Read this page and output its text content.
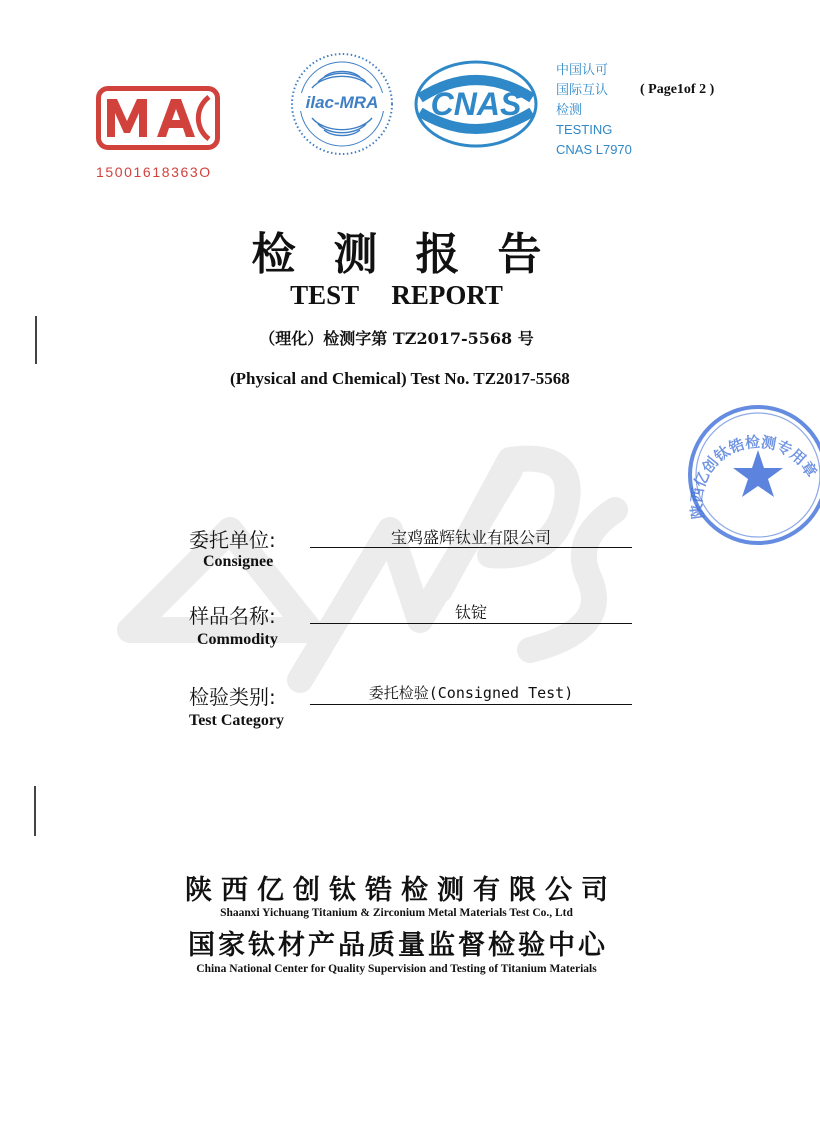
15001618363O
ilac-MRA CNAS
中国认可
国际互认
检测
TESTING
CNAS L7970
( Page1of 2 )
陕西亿创钛锆检测专用章
检测报告
TEST REPORT
（理化）检测字第 TZ2017-5568 号
(Physical and Chemical) Test No. TZ2017-5568
委托单位:
Consignee
宝鸡盛辉钛业有限公司
样品名称:
Commodity
钛锭
检验类别:
Test Category
委托检验(Consigned Test)
陕西亿创钛锆检测有限公司
Shaanxi Yichuang Titanium & Zirconium Metal Materials Test Co., Ltd
国家钛材产品质量监督检验中心
China National Center for Quality Supervision and Testing of Titanium Materials
